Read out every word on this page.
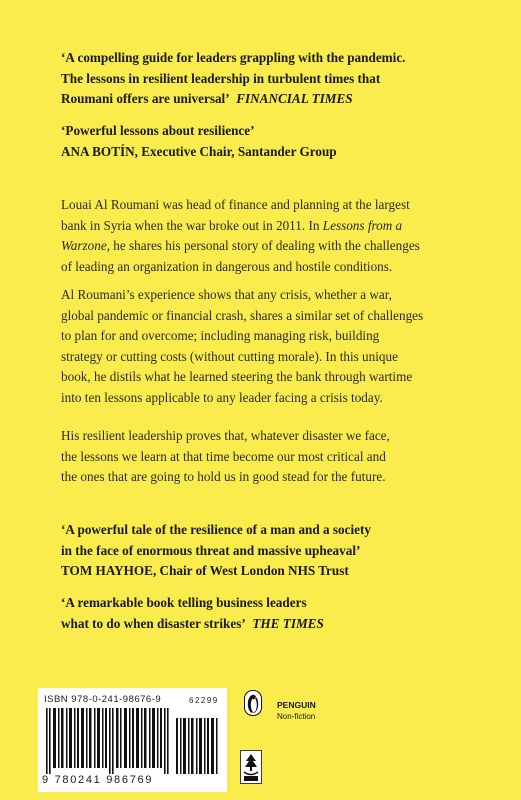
‘A compelling guide for leaders grappling with the pandemic.
The lessons in resilient leadership in turbulent times that
Roumani offers are universal’ FINANCIAL TIMES
‘Powerful lessons about resilience’
ANA BOTÍN, Executive Chair, Santander Group
Louai Al Roumani was head of finance and planning at the largest
bank in Syria when the war broke out in 2011. In Lessons from a
Warzone, he shares his personal story of dealing with the challenges
of leading an organization in dangerous and hostile conditions.
Al Roumani’s experience shows that any crisis, whether a war,
global pandemic or financial crash, shares a similar set of challenges
to plan for and overcome; including managing risk, building
strategy or cutting costs (without cutting morale). In this unique
book, he distils what he learned steering the bank through wartime
into ten lessons applicable to any leader facing a crisis today.
His resilient leadership proves that, whatever disaster we face,
the lessons we learn at that time become our most critical and
the ones that are going to hold us in good stead for the future.
‘A powerful tale of the resilience of a man and a society
in the face of enormous threat and massive upheaval’
TOM HAYHOE, Chair of West London NHS Trust
‘A remarkable book telling business leaders
what to do when disaster strikes’ THE TIMES
ISBN 978-0-241-98676-9	62299
9 780241 986769
PENGUIN
Non-fiction
